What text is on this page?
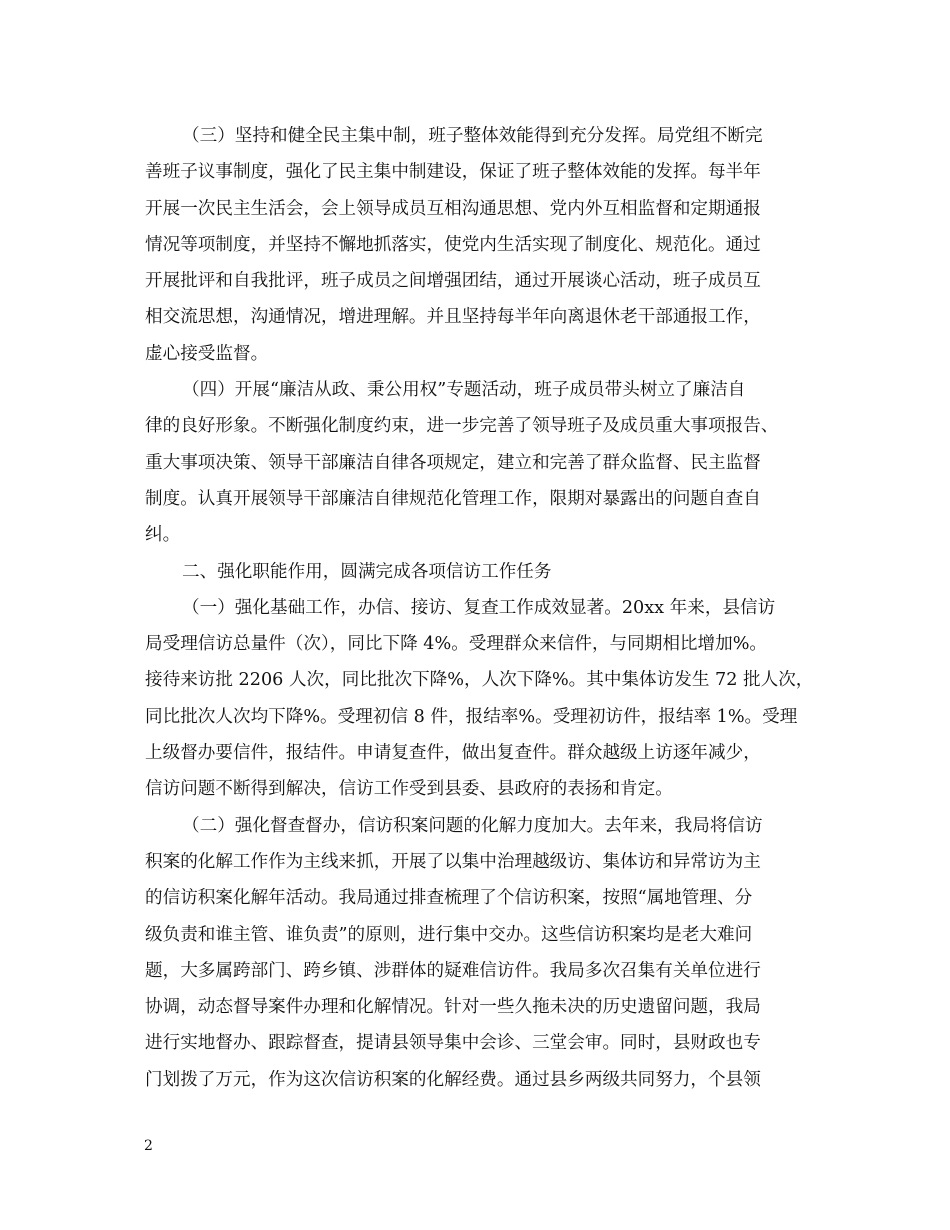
（三）坚持和健全民主集中制，班子整体效能得到充分发挥。局党组不断完
善班子议事制度，强化了民主集中制建设，保证了班子整体效能的发挥。每半年
开展一次民主生活会，会上领导成员互相沟通思想、党内外互相监督和定期通报
情况等项制度，并坚持不懈地抓落实，使党内生活实现了制度化、规范化。通过
开展批评和自我批评，班子成员之间增强团结，通过开展谈心活动，班子成员互
相交流思想，沟通情况，增进理解。并且坚持每半年向离退休老干部通报工作，
虚心接受监督。
（四）开展“廉洁从政、秉公用权”专题活动，班子成员带头树立了廉洁自
律的良好形象。不断强化制度约束，进一步完善了领导班子及成员重大事项报告、
重大事项决策、领导干部廉洁自律各项规定，建立和完善了群众监督、民主监督
制度。认真开展领导干部廉洁自律规范化管理工作，限期对暴露出的问题自查自
纠。
二、强化职能作用，圆满完成各项信访工作任务
（一）强化基础工作，办信、接访、复查工作成效显著。20xx 年来，县信访
局受理信访总量件（次），同比下降 4%。受理群众来信件，与同期相比增加%。
接待来访批 2206 人次，同比批次下降%，人次下降%。其中集体访发生 72 批人次，
同比批次人次均下降%。受理初信 8 件，报结率%。受理初访件，报结率 1%。受理
上级督办要信件，报结件。申请复查件，做出复查件。群众越级上访逐年减少，
信访问题不断得到解决，信访工作受到县委、县政府的表扬和肯定。
（二）强化督查督办，信访积案问题的化解力度加大。去年来，我局将信访
积案的化解工作作为主线来抓，开展了以集中治理越级访、集体访和异常访为主
的信访积案化解年活动。我局通过排查梳理了个信访积案，按照“属地管理、分
级负责和谁主管、谁负责”的原则，进行集中交办。这些信访积案均是老大难问
题，大多属跨部门、跨乡镇、涉群体的疑难信访件。我局多次召集有关单位进行
协调，动态督导案件办理和化解情况。针对一些久拖未决的历史遗留问题，我局
进行实地督办、跟踪督查，提请县领导集中会诊、三堂会审。同时，县财政也专
门划拨了万元，作为这次信访积案的化解经费。通过县乡两级共同努力，个县领
2
